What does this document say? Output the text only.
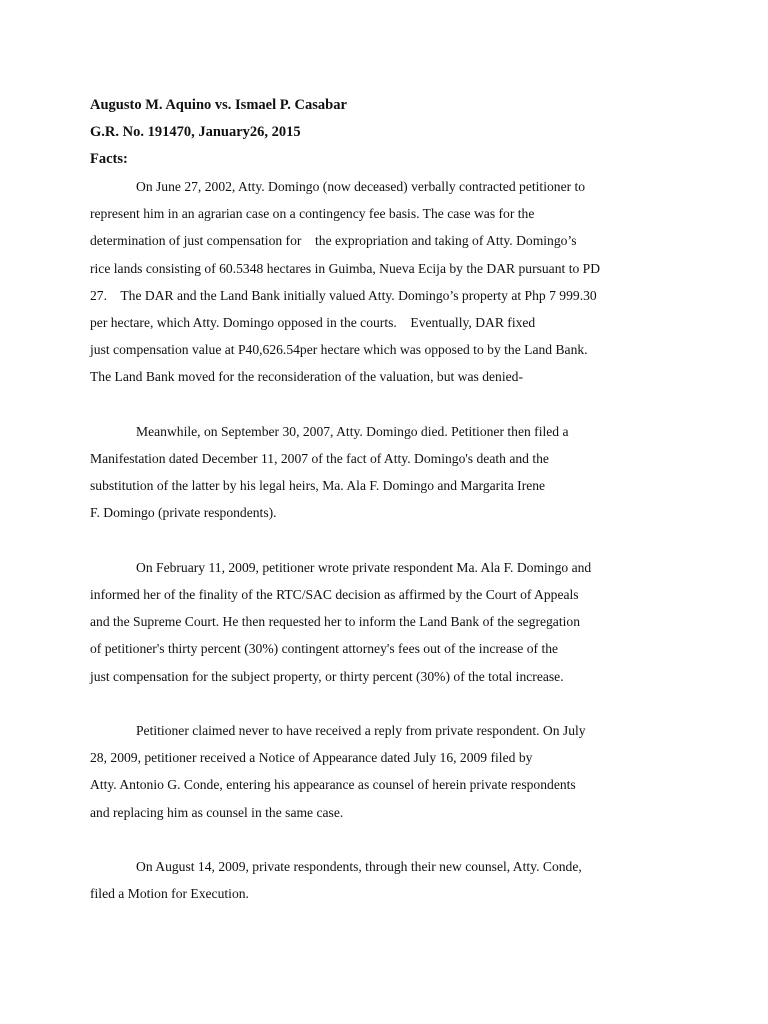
Augusto M. Aquino vs. Ismael P. Casabar

G.R. No. 191470, January26, 2015

Facts:

On June 27, 2002, Atty. Domingo (now deceased) verbally contracted petitioner to
represent him in an agrarian case on a contingency fee basis. The case was for the
determination of just compensation for    the expropriation and taking of Atty. Domingo’s
rice lands consisting of 60.5348 hectares in Guimba, Nueva Ecija by the DAR pursuant to PD
27.    The DAR and the Land Bank initially valued Atty. Domingo’s property at Php 7 999.30
per hectare, which Atty. Domingo opposed in the courts.    Eventually, DAR fixed
just compensation value at P40,626.54per hectare which was opposed to by the Land Bank.
The Land Bank moved for the reconsideration of the valuation, but was denied-
Meanwhile, on September 30, 2007, Atty. Domingo died. Petitioner then filed a
Manifestation dated December 11, 2007 of the fact of Atty. Domingo's death and the
substitution of the latter by his legal heirs, Ma. Ala F. Domingo and Margarita Irene
F. Domingo (private respondents).
On February 11, 2009, petitioner wrote private respondent Ma. Ala F. Domingo and
informed her of the finality of the RTC/SAC decision as affirmed by the Court of Appeals
and the Supreme Court. He then requested her to inform the Land Bank of the segregation
of petitioner's thirty percent (30%) contingent attorney's fees out of the increase of the
just compensation for the subject property, or thirty percent (30%) of the total increase.
Petitioner claimed never to have received a reply from private respondent. On July
28, 2009, petitioner received a Notice of Appearance dated July 16, 2009 filed by
Atty. Antonio G. Conde, entering his appearance as counsel of herein private respondents
and replacing him as counsel in the same case.
On August 14, 2009, private respondents, through their new counsel, Atty. Conde,
filed a Motion for Execution.
